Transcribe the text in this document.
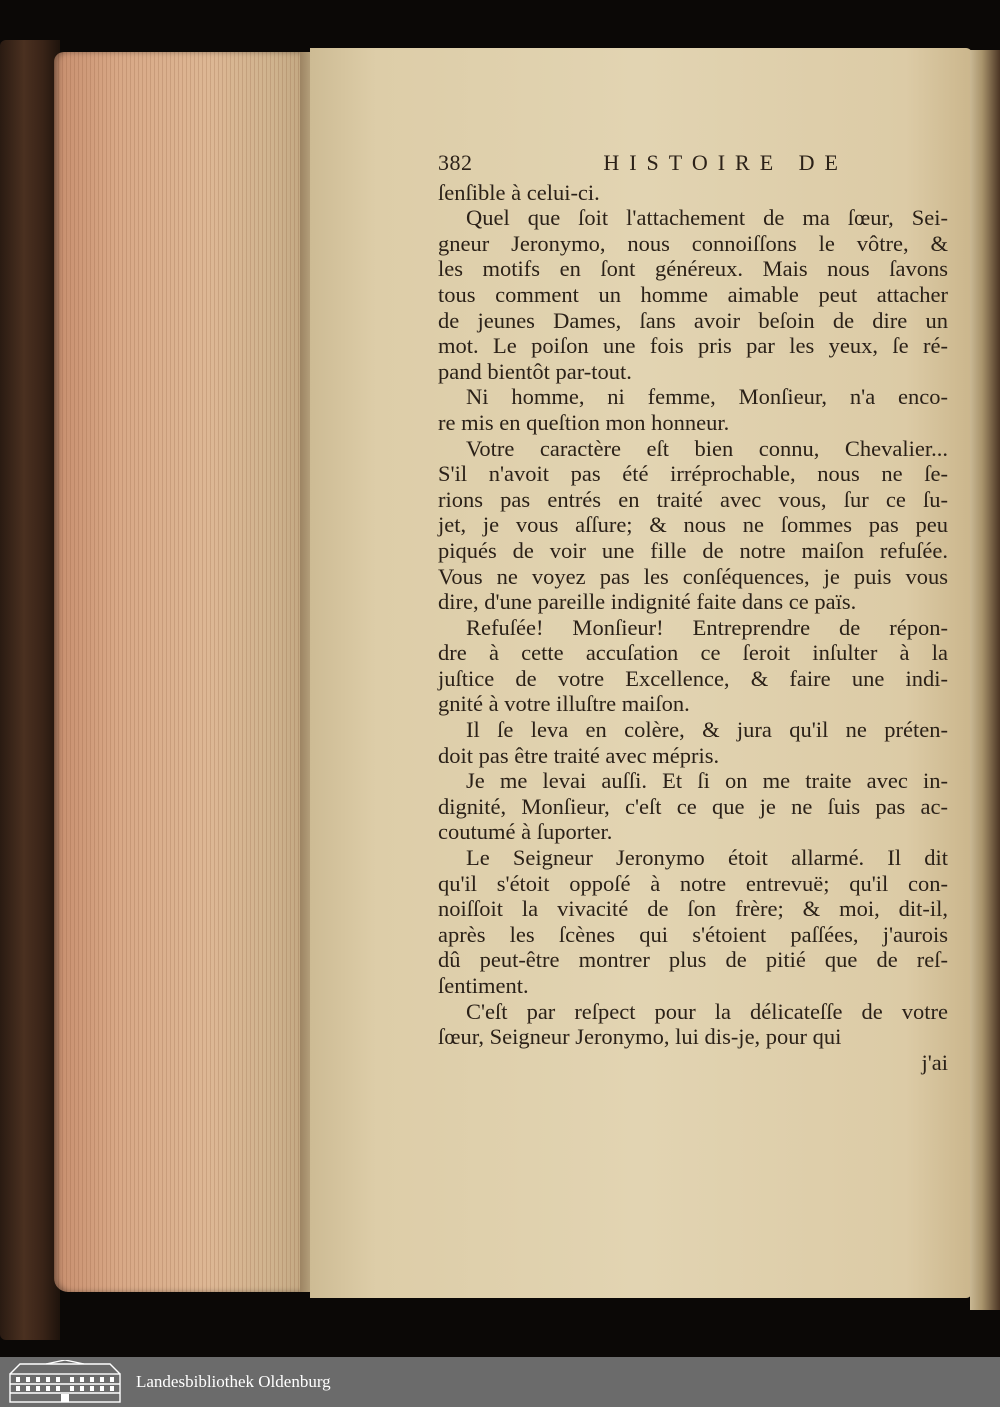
382	HISTOIRE DE

ſenſible à celui-ci.

Quel que ſoit l'attachement de ma ſœur, Sei-
gneur Jeronymo, nous connoiſſons le vôtre, &
les motifs en ſont généreux. Mais nous ſavons
tous comment un homme aimable peut attacher
de jeunes Dames, ſans avoir beſoin de dire un
mot. Le poiſon une fois pris par les yeux, ſe ré-
pand bientôt par-tout.

Ni homme, ni femme, Monſieur, n'a enco-
re mis en queſtion mon honneur.

Votre caractère eſt bien connu, Chevalier...
S'il n'avoit pas été irréprochable, nous ne ſe-
rions pas entrés en traité avec vous, ſur ce ſu-
jet, je vous aſſure; & nous ne ſommes pas peu
piqués de voir une fille de notre maiſon refuſée.
Vous ne voyez pas les conſéquences, je puis vous
dire, d'une pareille indignité faite dans ce païs.

Refuſée! Monſieur! Entreprendre de répon-
dre à cette accuſation ce ſeroit inſulter à la
juſtice de votre Excellence, & faire une indi-
gnité à votre illuſtre maiſon.

Il ſe leva en colère, & jura qu'il ne préten-
doit pas être traité avec mépris.

Je me levai auſſi. Et ſi on me traite avec in-
dignité, Monſieur, c'eſt ce que je ne ſuis pas ac-
coutumé à ſuporter.

Le Seigneur Jeronymo étoit allarmé. Il dit
qu'il s'étoit oppoſé à notre entrevuë; qu'il con-
noiſſoit la vivacité de ſon frère; & moi, dit-il,
après les ſcènes qui s'étoient paſſées, j'aurois
dû peut-être montrer plus de pitié que de reſ-
ſentiment.

C'eſt par reſpect pour la délicateſſe de votre
ſœur, Seigneur Jeronymo, lui dis-je, pour qui

j'ai
Landesbibliothek Oldenburg
